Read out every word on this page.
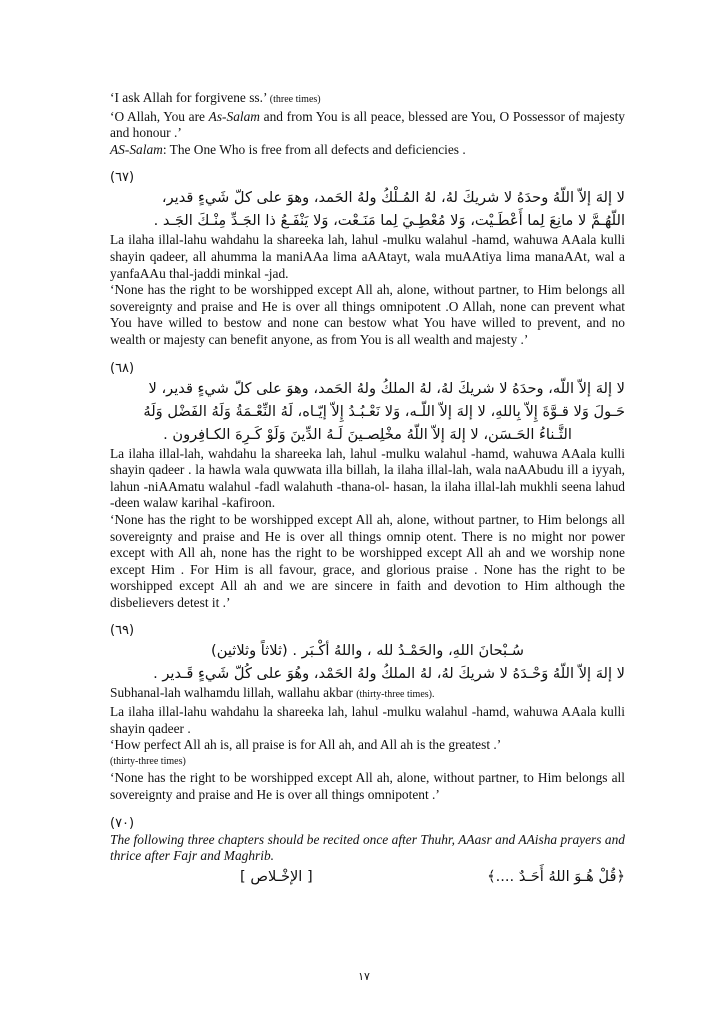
‘I ask Allah for forgivene ss.’ (three times)

‘O Allah, You are As-Salam and from You is all peace, blessed are You, O Possessor of majesty and honour .’

AS-Salam: The One Who is free from all defects and deficiencies .

(٦٧)

لا إلهَ إلاّ اللّهُ وحدَهُ لا شريكَ لهُ، لهُ المُـلْكُ ولهُ الحَمد، وهوَ على كلّ شَيءٍ قدير،

اللّهُـمَّ لا مانِعَ لِما أَعْطَـيْت، وَلا مُعْطِـيَ لِما مَنَـعْت، وَلا يَنْفَـعُ ذا الجَـدِّ مِنْـكَ الجَـد .

La ilaha illal-lahu wahdahu la shareeka lah, lahul -mulku walahul -hamd, wahuwa AAala kulli shayin qadeer, all ahumma la maniAAa lima aAAtayt, wala muAAtiya lima manaAAt, wal a yanfaAAu thal-jaddi minkal -jad.

‘None has the right to be worshipped except All ah, alone, without partner, to Him belongs all sovereignty and praise and He is over all things omnipotent .O Allah, none can prevent what You have willed to bestow and none can bestow what You have willed to prevent, and no wealth or majesty can benefit anyone, as from You is all wealth and majesty .’

(٦٨)

لا إلهَ إلاّ اللّه، وحدَهُ لا شريكَ لهُ، لهُ الملكُ ولهُ الحَمد، وهوَ على كلّ شيءٍ قدير، لا

حَـولَ وَلا قـوَّةَ إِلاّ بِاللهِ، لا إلهَ إلاّ اللّـه، وَلا نَعْـبُـدُ إِلاّ إيّـاه، لَهُ النِّعْـمَةُ وَلَهُ الفَضْل وَلَهُ

الثَّـناءُ الحَـسَن، لا إلهَ إلاّ اللّهُ مخْلِصـينَ لَـهُ الدِّينَ وَلَوْ كَـرِهَ الكـافِرون .

La ilaha illal-lah, wahdahu la shareeka lah, lahul -mulku walahul -hamd, wahuwa AAala kulli shayin qadeer . la hawla wala quwwata illa billah, la ilaha illal-lah, wala naAAbudu ill a iyyah, lahun -niAAmatu walahul -fadl walahuth -thana-ol- hasan, la ilaha illal-lah mukhli seena lahud -deen walaw karihal -kafiroon.

‘None has the right to be worshipped except All ah, alone, without partner, to Him belongs all sovereignty and praise and He is over all things omnip otent. There is no might nor power except with All ah, none has the right to be worshipped except All ah and we worship none except Him . For Him is all favour, grace, and glorious praise . None has the right to be worshipped except All ah and we are sincere in faith and devotion to Him although the disbelievers detest it .’

(٦٩)

سُـبْحانَ اللهِ، والحَمْـدُ لله ، واللهُ أكْـبَر . (ثلاثاً وثلاثين)

لا إلهَ إلاّ اللّهُ وَحْـدَهُ لا شريكَ لهُ، لهُ الملكُ ولهُ الحَمْد، وهُوَ على كُلّ شَيءٍ قَـدير .

Subhanal-lah walhamdu lillah, wallahu akbar (thirty-three times).

La ilaha illal-lahu wahdahu la shareeka lah, lahul -mulku walahul -hamd, wahuwa AAala kulli shayin qadeer .

‘How perfect All ah is, all praise is for All ah, and All ah is the greatest .’

(thirty-three times)

‘None has the right to be worshipped except All ah, alone, without partner, to Him belongs all sovereignty and praise and He is over all things omnipotent .’

(٧٠)

The following three chapters should be recited once after Thuhr, AAasr and AAisha prayers and thrice after Fajr and Maghrib.

﴿قُلْ هُـوَ اللهُ أَحَـدٌ ....﴾
[ الإخْـلاص ]
١٧
